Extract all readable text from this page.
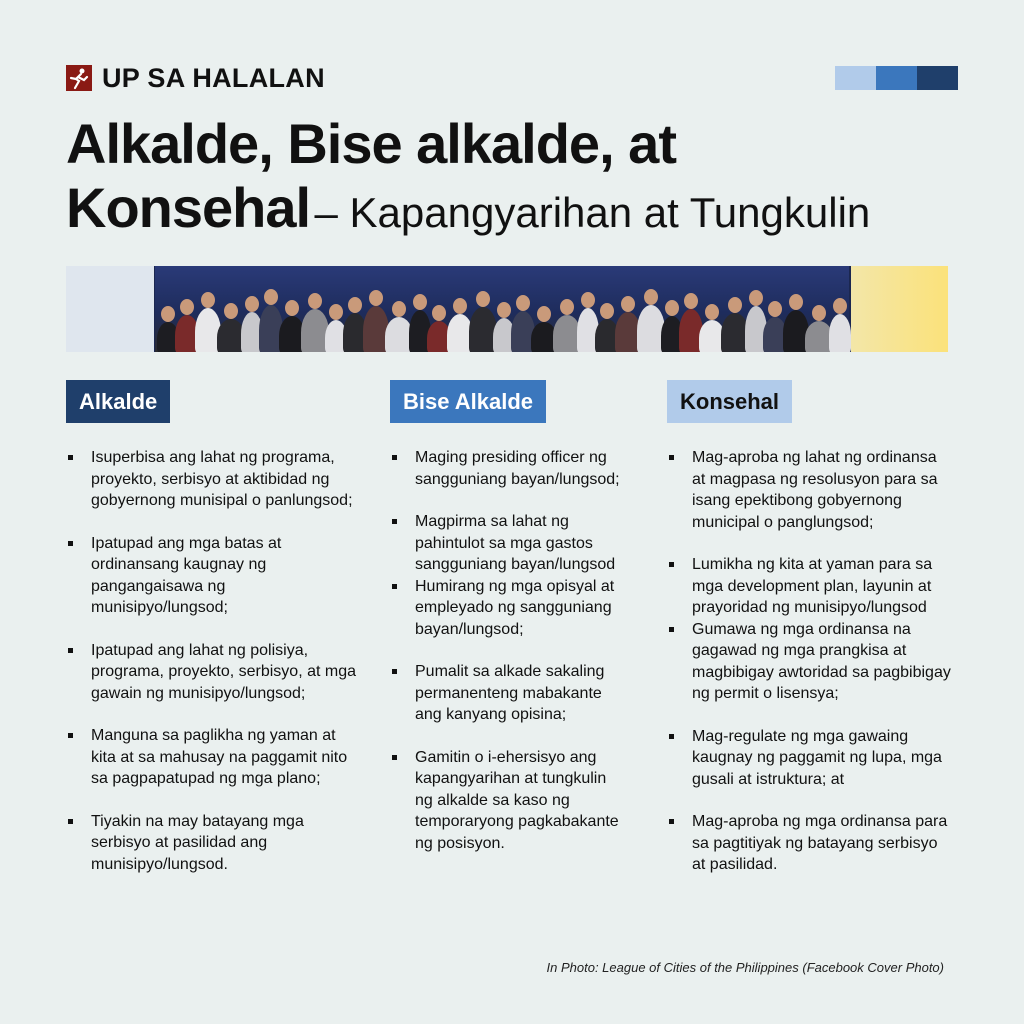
UP SA HALALAN
Alkalde, Bise alkalde, at
Konsehal – Kapangyarihan at Tungkulin
Alkalde
Isuperbisa ang lahat ng programa, proyekto, serbisyo at aktibidad ng gobyernong munisipal o panlungsod;
Ipatupad ang mga batas at ordinansang kaugnay ng pangangaisawa ng munisipyo/lungsod;
Ipatupad ang lahat ng polisiya, programa, proyekto, serbisyo, at mga gawain ng munisipyo/lungsod;
Manguna sa paglikha ng yaman at kita at sa mahusay na paggamit nito sa pagpapatupad ng mga plano;
Tiyakin na may batayang mga serbisyo at pasilidad ang munisipyo/lungsod.
Bise Alkalde
Maging presiding officer ng sangguniang bayan/lungsod;
Magpirma sa lahat ng pahintulot sa mga gastos sangguniang bayan/lungsod
Humirang ng mga opisyal at empleyado ng sangguniang bayan/lungsod;
Pumalit sa alkade sakaling permanenteng mabakante ang kanyang opisina;
Gamitin o i-ehersisyo ang kapangyarihan at tungkulin ng alkalde sa kaso ng temporaryong pagkabakante ng posisyon.
Konsehal
Mag-aproba ng lahat ng ordinansa at magpasa ng resolusyon para sa isang epektibong gobyernong municipal o panglungsod;
Lumikha ng kita at yaman para sa mga development plan, layunin at prayoridad ng munisipyo/lungsod
Gumawa ng mga ordinansa na gagawad ng mga prangkisa at magbibigay awtoridad sa pagbibigay ng permit o lisensya;
Mag-regulate ng mga gawaing kaugnay ng paggamit ng lupa, mga gusali at istruktura; at
Mag-aproba ng mga ordinansa para sa pagtitiyak ng batayang serbisyo at pasilidad.
In Photo: League of Cities of the Philippines (Facebook Cover Photo)
